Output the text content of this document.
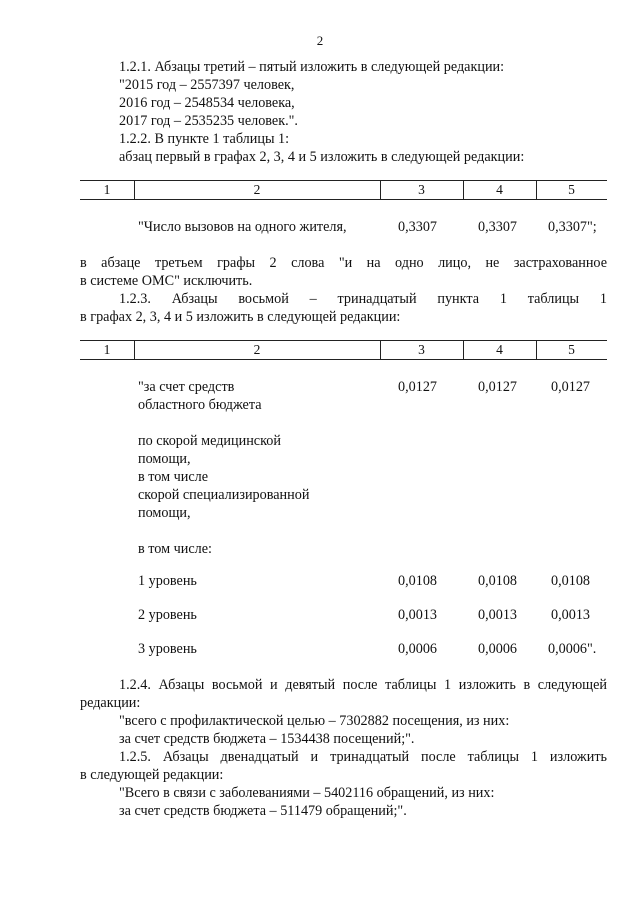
2
1.2.1. Абзацы третий – пятый изложить в следующей редакции:
"2015 год – 2557397 человек,
2016 год – 2548534 человека,
2017 год – 2535235 человек.".
1.2.2. В пункте 1 таблицы 1:
абзац первый в графах 2, 3, 4 и 5 изложить в следующей редакции:
1	2	3	4	5
"Число вызовов на одного жителя,	0,3307	0,3307 0,3307";
в абзаце третьем графы 2 слова "и на одно лицо, не застрахованное
в системе ОМС" исключить.
1.2.3. Абзацы восьмой – тринадцатый пункта 1 таблицы 1
в графах 2, 3, 4 и 5 изложить в следующей редакции:
1	2	3	4	5
"за счет средств
областного бюджета
0,0127	0,0127 0,0127
по скорой медицинской
помощи,
в том числе
скорой специализированной
помощи,
в том числе:
1 уровень	0,0108	0,0108 0,0108
2 уровень	0,0013	0,0013 0,0013
3 уровень	0,0006	0,0006 0,0006".
1.2.4. Абзацы восьмой и девятый после таблицы 1 изложить в следующей
редакции:
"всего с профилактической целью – 7302882 посещения, из них:
за счет средств бюджета – 1534438 посещений;".
1.2.5. Абзацы двенадцатый и тринадцатый после таблицы 1 изложить
в следующей редакции:
"Всего в связи с заболеваниями – 5402116 обращений, из них:
за счет средств бюджета – 511479 обращений;".
